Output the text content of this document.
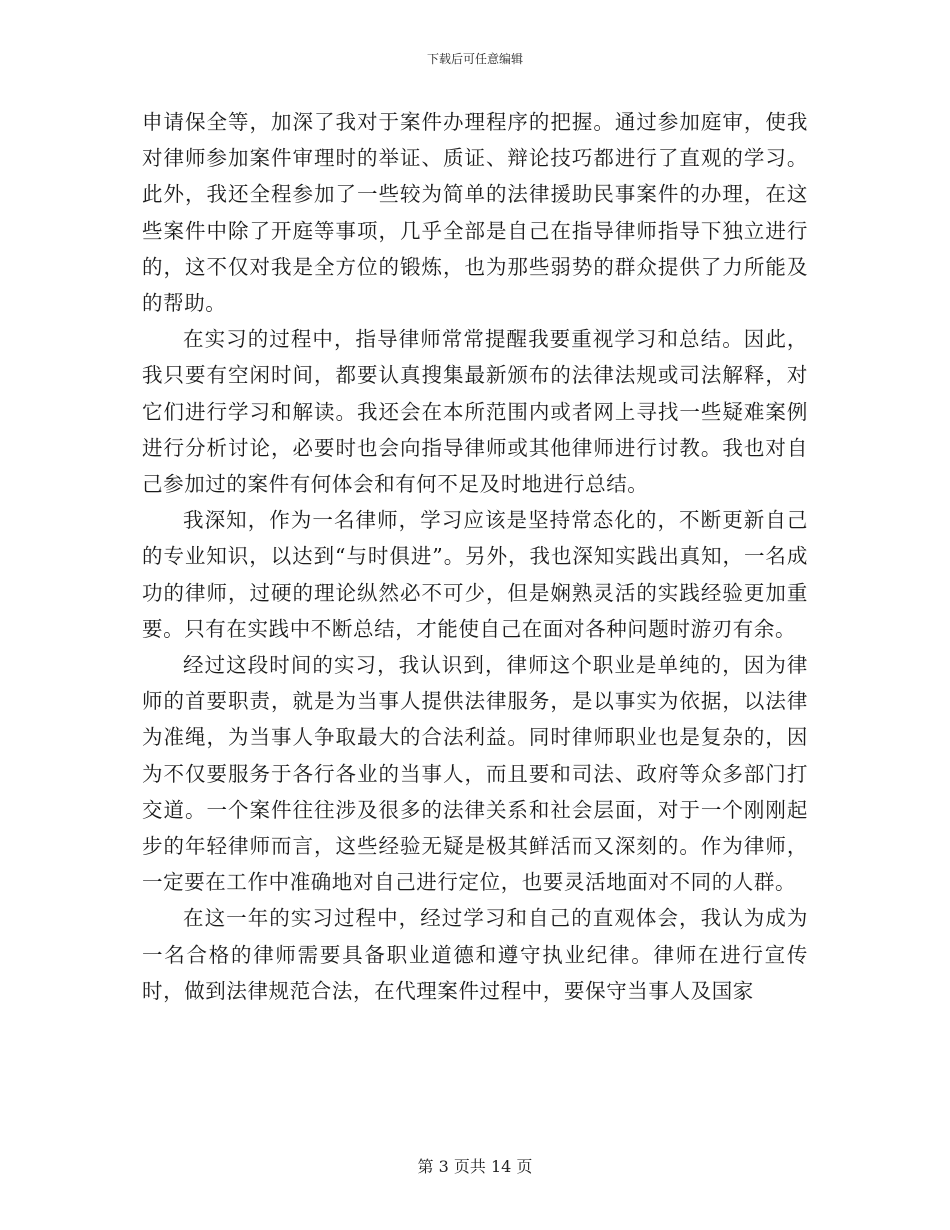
下载后可任意编辑

申请保全等，加深了我对于案件办理程序的把握。通过参加庭审，使我对律师参加案件审理时的举证、质证、辩论技巧都进行了直观的学习。此外，我还全程参加了一些较为简单的法律援助民事案件的办理，在这些案件中除了开庭等事项，几乎全部是自己在指导律师指导下独立进行的，这不仅对我是全方位的锻炼，也为那些弱势的群众提供了力所能及的帮助。

在实习的过程中，指导律师常常提醒我要重视学习和总结。因此，我只要有空闲时间，都要认真搜集最新颁布的法律法规或司法解释，对它们进行学习和解读。我还会在本所范围内或者网上寻找一些疑难案例进行分析讨论，必要时也会向指导律师或其他律师进行讨教。我也对自己参加过的案件有何体会和有何不足及时地进行总结。

我深知，作为一名律师，学习应该是坚持常态化的，不断更新自己的专业知识，以达到“与时俱进”。另外，我也深知实践出真知，一名成功的律师，过硬的理论纵然必不可少，但是娴熟灵活的实践经验更加重要。只有在实践中不断总结，才能使自己在面对各种问题时游刃有余。

经过这段时间的实习，我认识到，律师这个职业是单纯的，因为律师的首要职责，就是为当事人提供法律服务，是以事实为依据，以法律为准绳，为当事人争取最大的合法利益。同时律师职业也是复杂的，因为不仅要服务于各行各业的当事人，而且要和司法、政府等众多部门打交道。一个案件往往涉及很多的法律关系和社会层面，对于一个刚刚起步的年轻律师而言，这些经验无疑是极其鲜活而又深刻的。作为律师，一定要在工作中准确地对自己进行定位，也要灵活地面对不同的人群。

在这一年的实习过程中，经过学习和自己的直观体会，我认为成为一名合格的律师需要具备职业道德和遵守执业纪律。律师在进行宣传时，做到法律规范合法，在代理案件过程中，要保守当事人及国家

第 3 页共 14 页
